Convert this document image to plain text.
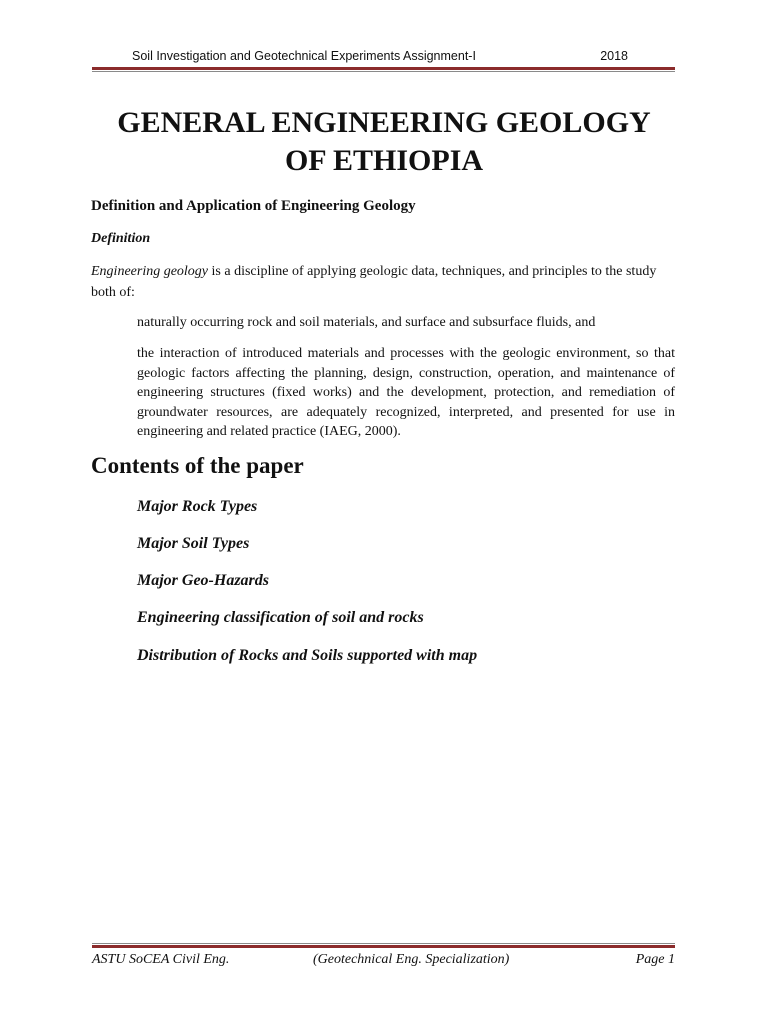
Soil Investigation and Geotechnical Experiments Assignment-I	2018
GENERAL ENGINEERING GEOLOGY
OF ETHIOPIA
Definition and Application of Engineering Geology
Definition

Engineering geology is a discipline of applying geologic data, techniques, and principles to the study both of:

naturally occurring rock and soil materials, and surface and subsurface fluids, and

the interaction of introduced materials and processes with the geologic environment, so that geologic factors affecting the planning, design, construction, operation, and maintenance of engineering structures (fixed works) and the development, protection, and remediation of groundwater resources, are adequately recognized, interpreted, and presented for use in engineering and related practice (IAEG, 2000).

Contents of the paper
Major Rock Types
Major Soil Types
Major Geo-Hazards
Engineering classification of soil and rocks
Distribution of Rocks and Soils supported with map
ASTU SoCEA Civil Eng.	(Geotechnical Eng. Specialization)	Page 1
